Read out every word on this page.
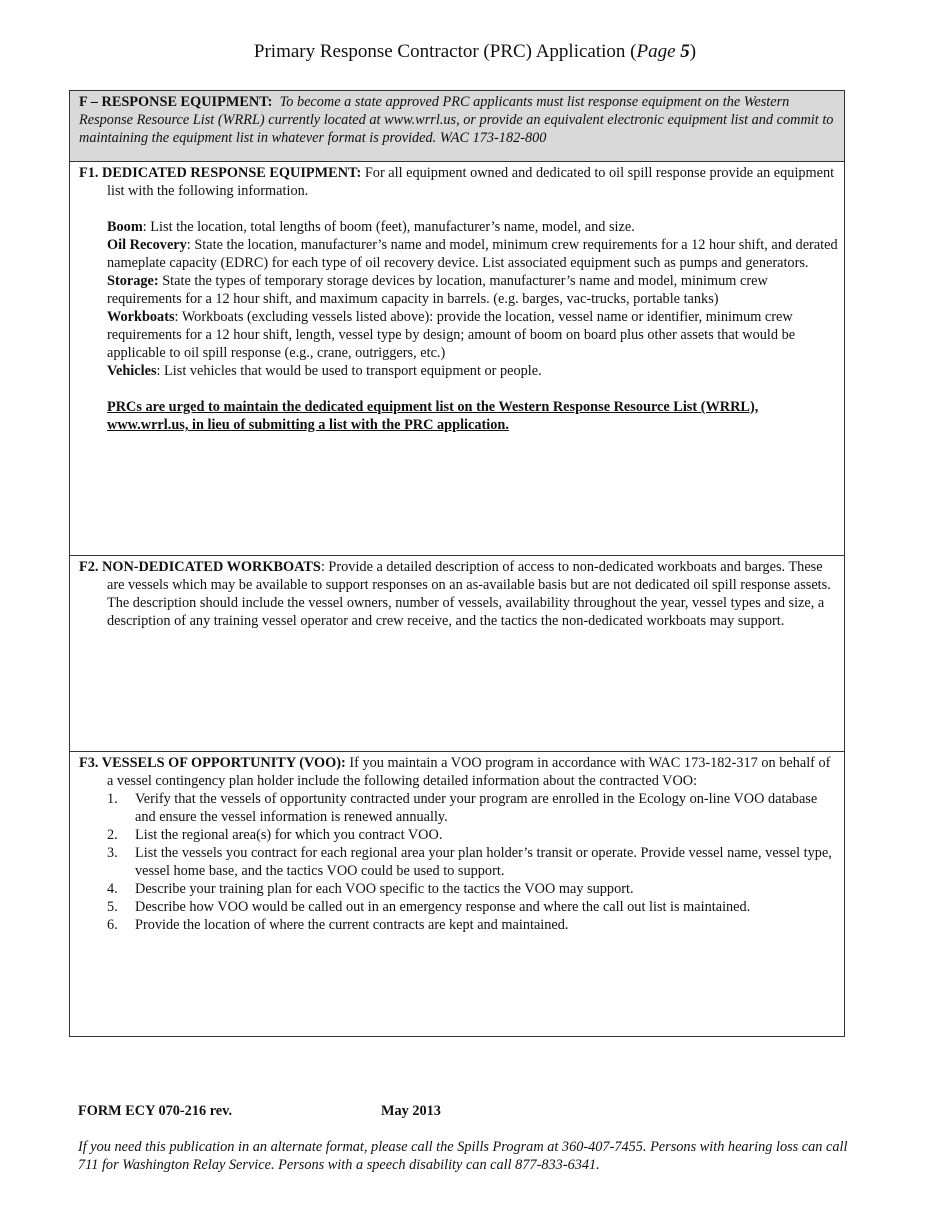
Primary Response Contractor (PRC) Application (Page 5)

F – RESPONSE EQUIPMENT: To become a state approved PRC applicants must list response equipment on the Western Response Resource List (WRRL) currently located at www.wrrl.us, or provide an equivalent electronic equipment list and commit to maintaining the equipment list in whatever format is provided. WAC 173-182-800

F1. DEDICATED RESPONSE EQUIPMENT: For all equipment owned and dedicated to oil spill response provide an equipment list with the following information.

Boom: List the location, total lengths of boom (feet), manufacturer’s name, model, and size.

Oil Recovery: State the location, manufacturer’s name and model, minimum crew requirements for a 12 hour shift, and derated nameplate capacity (EDRC) for each type of oil recovery device. List associated equipment such as pumps and generators.

Storage: State the types of temporary storage devices by location, manufacturer’s name and model, minimum crew requirements for a 12 hour shift, and maximum capacity in barrels. (e.g. barges, vac-trucks, portable tanks)

Workboats: Workboats (excluding vessels listed above): provide the location, vessel name or identifier, minimum crew requirements for a 12 hour shift, length, vessel type by design; amount of boom on board plus other assets that would be applicable to oil spill response (e.g., crane, outriggers, etc.)

Vehicles: List vehicles that would be used to transport equipment or people.

PRCs are urged to maintain the dedicated equipment list on the Western Response Resource List (WRRL), www.wrrl.us, in lieu of submitting a list with the PRC application.

F2. NON-DEDICATED WORKBOATS: Provide a detailed description of access to non-dedicated workboats and barges. These are vessels which may be available to support responses on an as-available basis but are not dedicated oil spill response assets. The description should include the vessel owners, number of vessels, availability throughout the year, vessel types and size, a description of any training vessel operator and crew receive, and the tactics the non-dedicated workboats may support.

F3. VESSELS OF OPPORTUNITY (VOO): If you maintain a VOO program in accordance with WAC 173-182-317 on behalf of a vessel contingency plan holder include the following detailed information about the contracted VOO:

1. Verify that the vessels of opportunity contracted under your program are enrolled in the Ecology on-line VOO database and ensure the vessel information is renewed annually.
2. List the regional area(s) for which you contract VOO.
3. List the vessels you contract for each regional area your plan holder’s transit or operate. Provide vessel name, vessel type, vessel home base, and the tactics VOO could be used to support.
4. Describe your training plan for each VOO specific to the tactics the VOO may support.
5. Describe how VOO would be called out in an emergency response and where the call out list is maintained.
6. Provide the location of where the current contracts are kept and maintained.
FORM ECY 070-216 rev.	May 2013
If you need this publication in an alternate format, please call the Spills Program at 360-407-7455. Persons with hearing loss can call 711 for Washington Relay Service. Persons with a speech disability can call 877-833-6341.
